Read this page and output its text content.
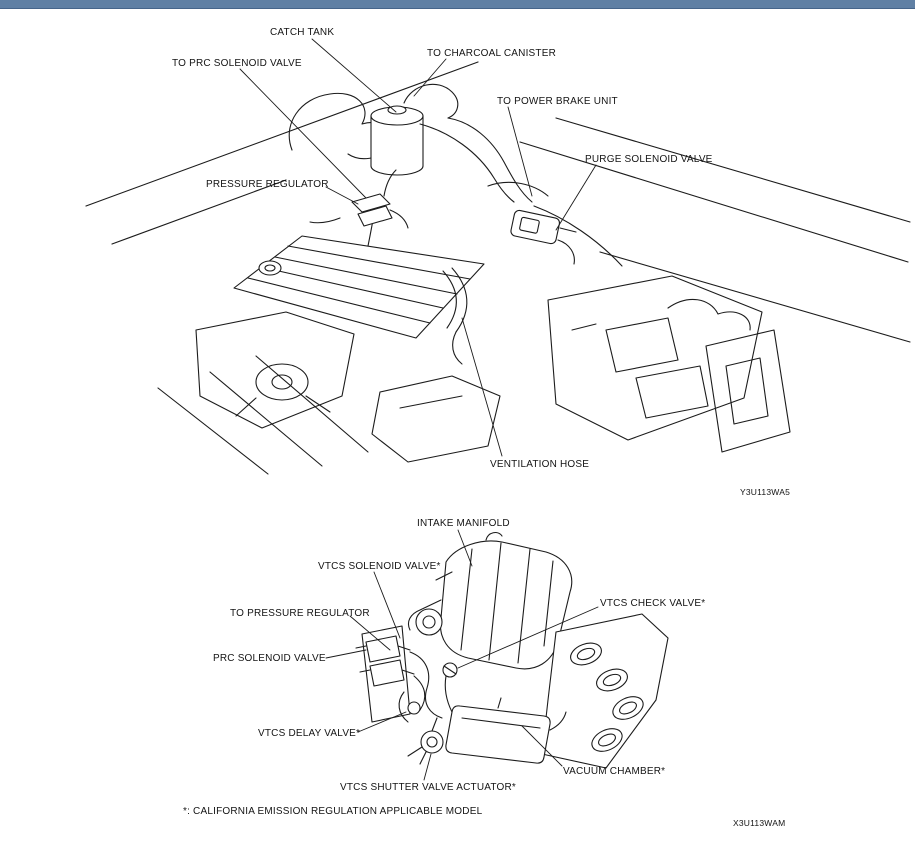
CATCH TANK
TO CHARCOAL CANISTER
TO PRC SOLENOID VALVE
TO POWER BRAKE UNIT
PURGE SOLENOID VALVE
PRESSURE REGULATOR
VENTILATION HOSE
Y3U113WA5
INTAKE MANIFOLD
VTCS SOLENOID VALVE*
TO PRESSURE REGULATOR
VTCS CHECK VALVE*
PRC SOLENOID VALVE
VTCS DELAY VALVE*
VTCS SHUTTER VALVE ACTUATOR*
VACUUM CHAMBER*
*: CALIFORNIA EMISSION REGULATION APPLICABLE MODEL
X3U113WAM
